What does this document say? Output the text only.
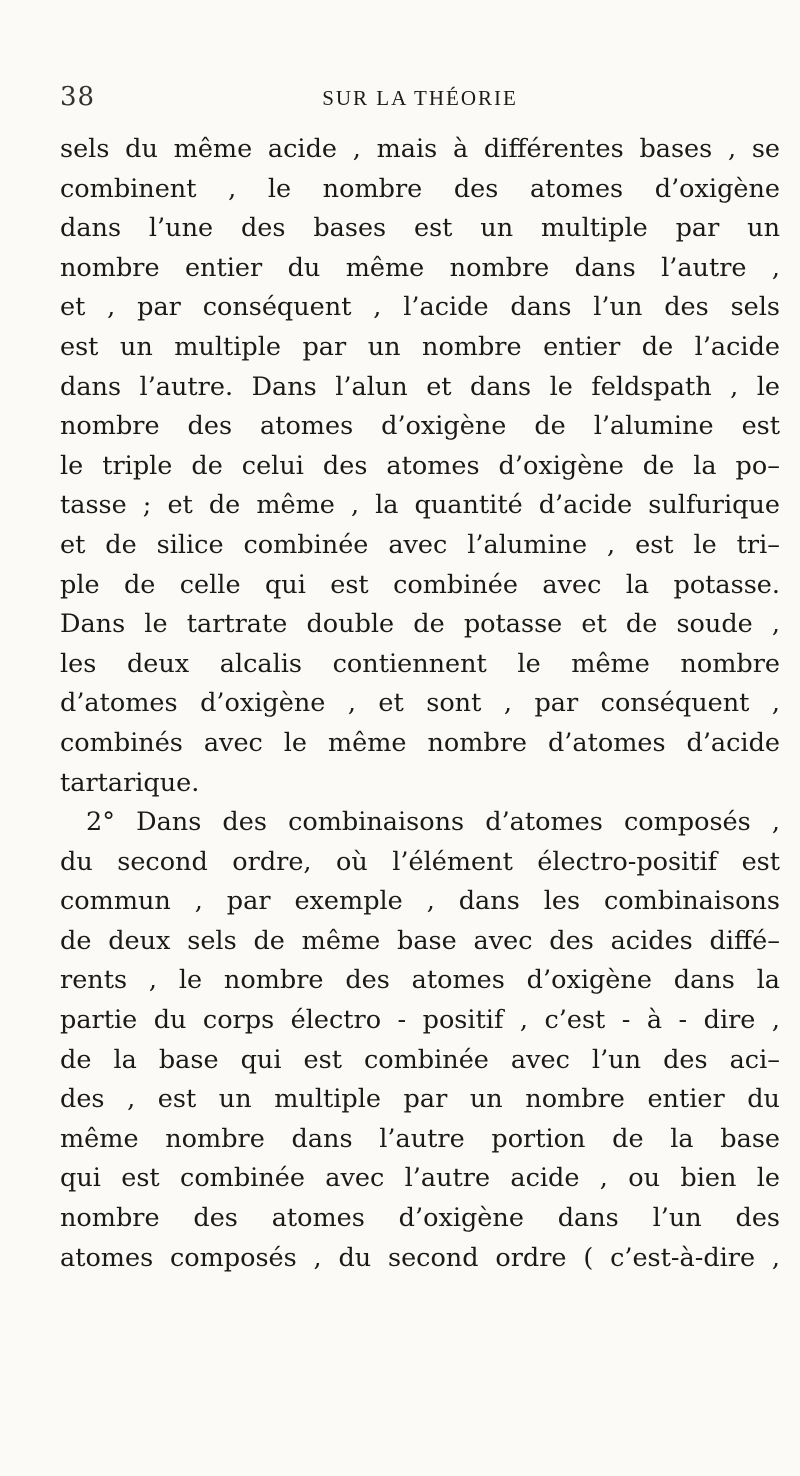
38	SUR LA THÉORIE
sels du même acide , mais à différentes bases , se
combinent , le nombre des atomes d’oxigène
dans l’une des bases est un multiple par un
nombre entier du même nombre dans l’autre ,
et , par conséquent , l’acide dans l’un des sels
est un multiple par un nombre entier de l’acide
dans l’autre. Dans l’alun et dans le feldspath , le
nombre des atomes d’oxigène de l’alumine est
le triple de celui des atomes d’oxigène de la po–
tasse ; et de même , la quantité d’acide sulfurique
et de silice combinée avec l’alumine , est le tri–
ple de celle qui est combinée avec la potasse.
Dans le tartrate double de potasse et de soude ,
les deux alcalis contiennent le même nombre
d’atomes d’oxigène , et sont , par conséquent ,
combinés avec le même nombre d’atomes d’acide
tartarique.
2° Dans des combinaisons d’atomes composés ,
du second ordre, où l’élément électro-positif est
commun , par exemple , dans les combinaisons
de deux sels de même base avec des acides diffé–
rents , le nombre des atomes d’oxigène dans la
partie du corps électro - positif , c’est - à - dire ,
de la base qui est combinée avec l’un des aci–
des , est un multiple par un nombre entier du
même nombre dans l’autre portion de la base
qui est combinée avec l’autre acide , ou bien le
nombre des atomes d’oxigène dans l’un des
atomes composés , du second ordre ( c’est-à-dire ,
